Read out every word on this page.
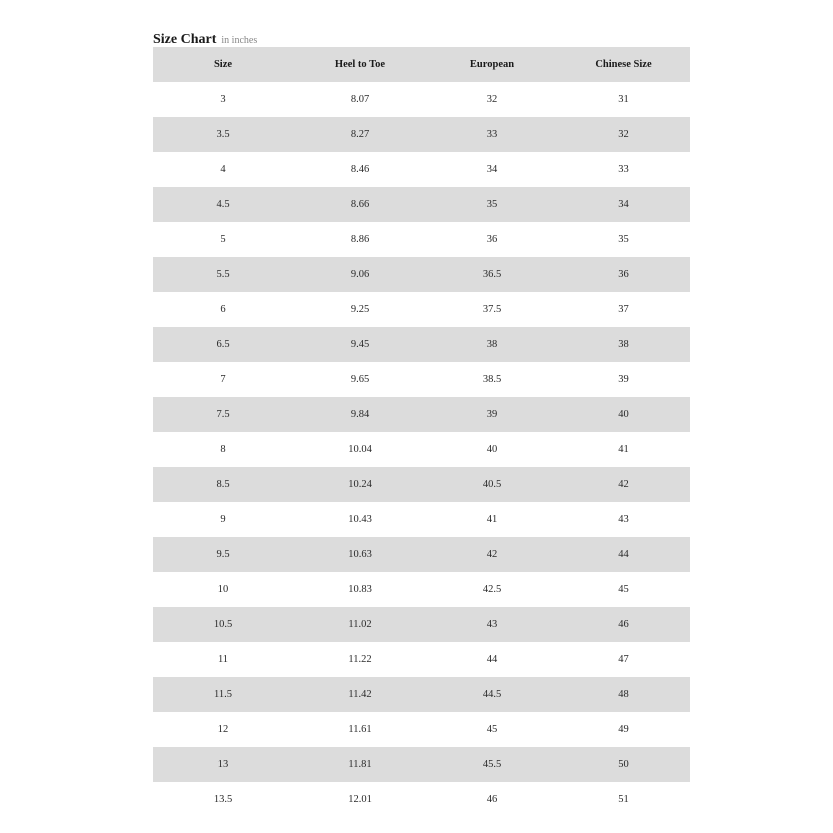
Size Chart in inches
Size	Heel to Toe	European	Chinese Size
3	8.07	32	31
3.5	8.27	33	32
4	8.46	34	33
4.5	8.66	35	34
5	8.86	36	35
5.5	9.06	36.5	36
6	9.25	37.5	37
6.5	9.45	38	38
7	9.65	38.5	39
7.5	9.84	39	40
8	10.04	40	41
8.5	10.24	40.5	42
9	10.43	41	43
9.5	10.63	42	44
10	10.83	42.5	45
10.5	11.02	43	46
11	11.22	44	47
11.5	11.42	44.5	48
12	11.61	45	49
13	11.81	45.5	50
13.5	12.01	46	51
